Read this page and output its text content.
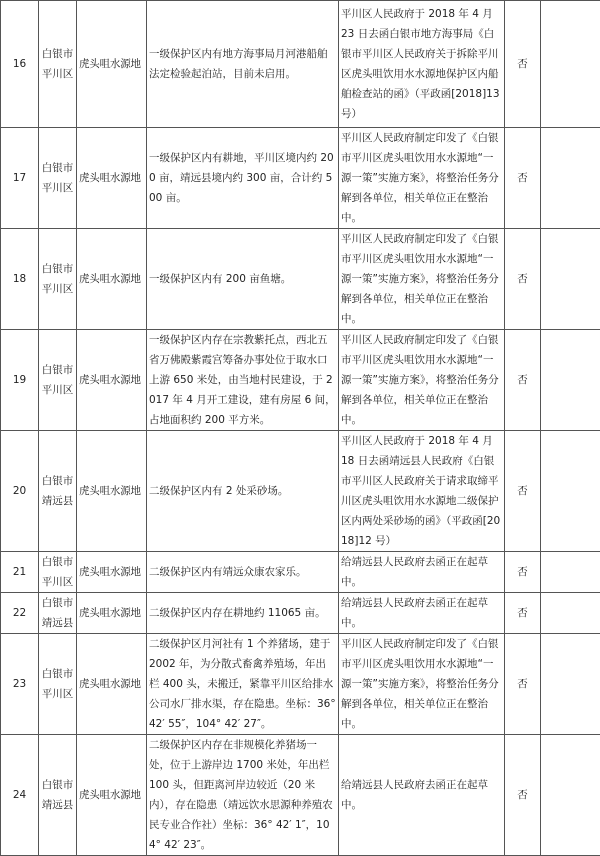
16	白银市平川区	虎头咀水源地	一级保护区内有地方海事局月河港船舶法定检验起泊站，目前未启用。	平川区人民政府于 2018 年 4 月 23 日去函白银市地方海事局《白银市平川区人民政府关于拆除平川区虎头咀饮用水水源地保护区内船舶检查站的函》（平政函[2018]13号）	否	
17	白银市平川区	虎头咀水源地	一级保护区内有耕地，平川区境内约 200 亩，靖远县境内约 300 亩，合计约 500 亩。	平川区人民政府制定印发了《白银市平川区虎头咀饮用水水源地“一源一策”实施方案》，将整治任务分解到各单位，相关单位正在整治中。	否	
18	白银市平川区	虎头咀水源地	一级保护区内有 200 亩鱼塘。	平川区人民政府制定印发了《白银市平川区虎头咀饮用水水源地“一源一策”实施方案》，将整治任务分解到各单位，相关单位正在整治中。	否	
19	白银市平川区	虎头咀水源地	一级保护区内存在宗教紫托点，西北五省万佛殿紫霞宫筹备办事处位于取水口上游 650 米处，由当地村民建设，于 2017 年 4 月开工建设，建有房屋 6 间，占地面积约 200 平方米。	平川区人民政府制定印发了《白银市平川区虎头咀饮用水水源地“一源一策”实施方案》，将整治任务分解到各单位，相关单位正在整治中。	否	
20	白银市靖远县	虎头咀水源地	二级保护区内有 2 处采砂场。	平川区人民政府于 2018 年 4 月 18 日去函靖远县人民政府《白银市平川区人民政府关于请求取缔平川区虎头咀饮用水水源地二级保护区内两处采砂场的函》（平政函[2018]12 号）	否	
21	白银市平川区	虎头咀水源地	二级保护区内有靖远众康农家乐。	给靖远县人民政府去函正在起草中。	否	
22	白银市靖远县	虎头咀水源地	二级保护区内存在耕地约 11065 亩。	给靖远县人民政府去函正在起草中。	否	
23	白银市平川区	虎头咀水源地	二级保护区月河社有 1 个养猪场，建于 2002 年，为分散式畜禽养殖场，年出栏 400 头，未搬迁，紧靠平川区给排水公司水厂排水渠，存在隐患。坐标：36° 42′ 55″，104° 42′ 27″。	平川区人民政府制定印发了《白银市平川区虎头咀饮用水水源地“一源一策”实施方案》，将整治任务分解到各单位，相关单位正在整治中。	否	
24	白银市靖远县	虎头咀水源地	二级保护区内存在非规模化养猪场一处，位于上游岸边 1700 米处，年出栏 100 头，但距离河岸边较近（20 米内），存在隐患（靖远饮水思源种养殖农民专业合作社）坐标：36° 42′ 1″，104° 42′ 23″。	给靖远县人民政府去函正在起草中。	否	
